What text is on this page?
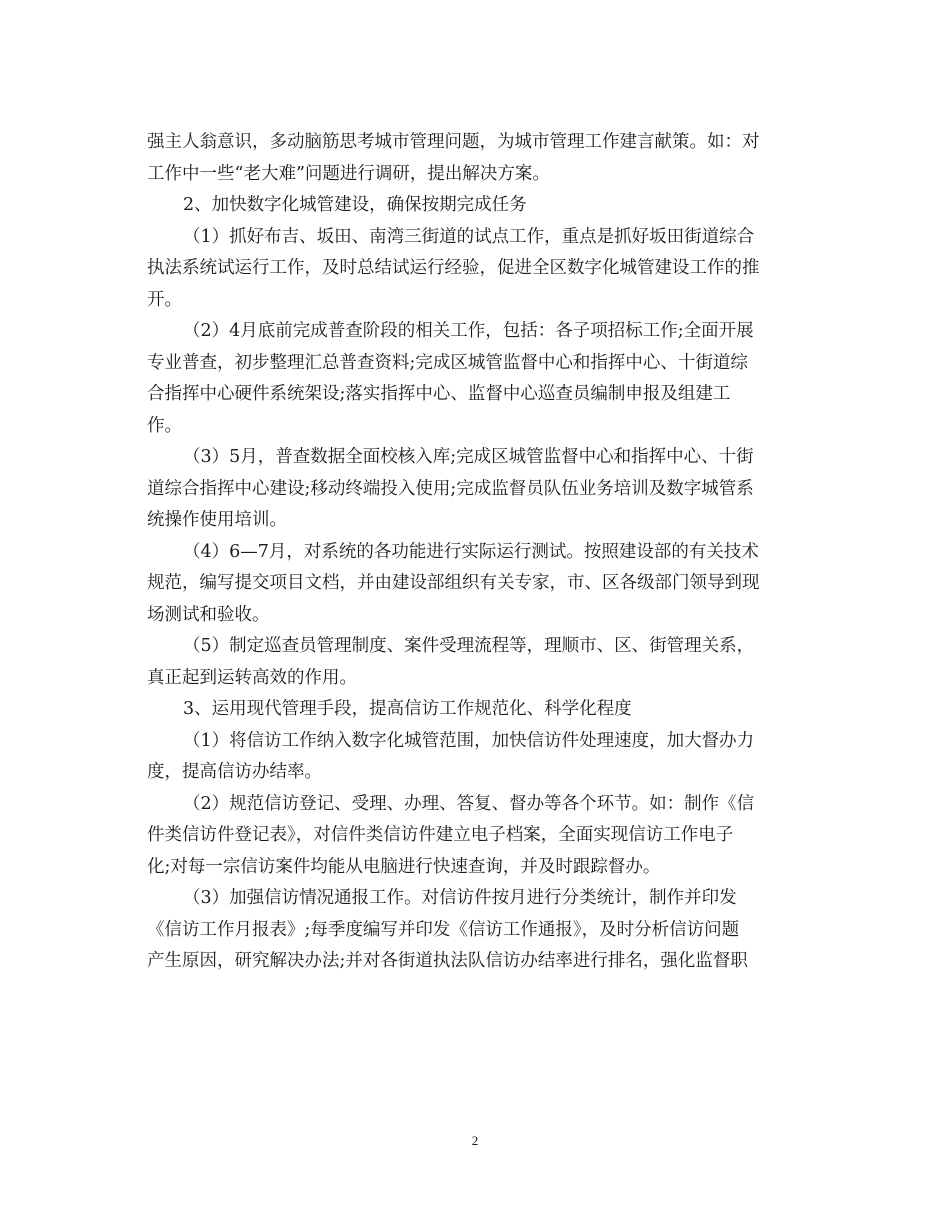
强主人翁意识，多动脑筋思考城市管理问题，为城市管理工作建言献策。如：对
工作中一些“老大难”问题进行调研，提出解决方案。
2、加快数字化城管建设，确保按期完成任务
（1）抓好布吉、坂田、南湾三街道的试点工作，重点是抓好坂田街道综合
执法系统试运行工作，及时总结试运行经验，促进全区数字化城管建设工作的推
开。
（2）4月底前完成普查阶段的相关工作，包括：各子项招标工作;全面开展
专业普查，初步整理汇总普查资料;完成区城管监督中心和指挥中心、十街道综
合指挥中心硬件系统架设;落实指挥中心、监督中心巡查员编制申报及组建工
作。
（3）5月，普查数据全面校核入库;完成区城管监督中心和指挥中心、十街
道综合指挥中心建设;移动终端投入使用;完成监督员队伍业务培训及数字城管系
统操作使用培训。
（4）6—7月，对系统的各功能进行实际运行测试。按照建设部的有关技术
规范，编写提交项目文档，并由建设部组织有关专家，市、区各级部门领导到现
场测试和验收。
（5）制定巡查员管理制度、案件受理流程等，理顺市、区、街管理关系，
真正起到运转高效的作用。
3、运用现代管理手段，提高信访工作规范化、科学化程度
（1）将信访工作纳入数字化城管范围，加快信访件处理速度，加大督办力
度，提高信访办结率。
（2）规范信访登记、受理、办理、答复、督办等各个环节。如：制作《信
件类信访件登记表》，对信件类信访件建立电子档案，全面实现信访工作电子
化;对每一宗信访案件均能从电脑进行快速查询，并及时跟踪督办。
（3）加强信访情况通报工作。对信访件按月进行分类统计，制作并印发
《信访工作月报表》;每季度编写并印发《信访工作通报》，及时分析信访问题
产生原因，研究解决办法;并对各街道执法队信访办结率进行排名，强化监督职
2
